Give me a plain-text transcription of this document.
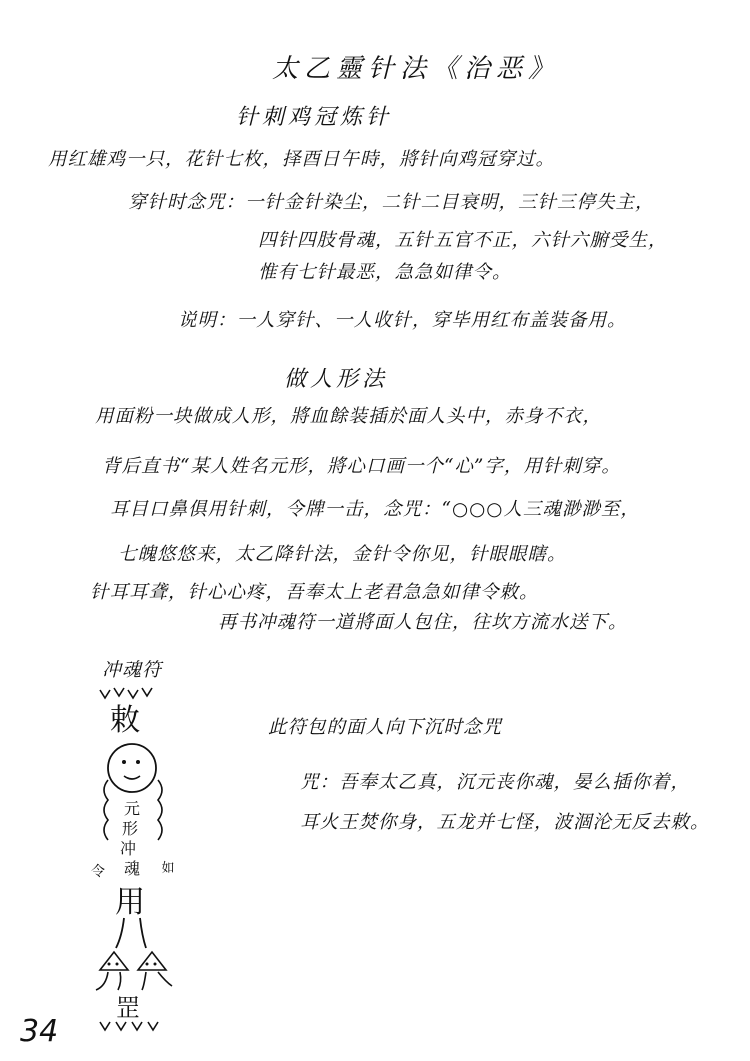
太乙靈针法《治恶》
针刺鸡冠炼针
用红雄鸡一只，花针七枚，择酉日午時，將针向鸡冠穿过。
穿针时念咒：一针金针染尘，二针二目衰明，三针三停失主，
四针四肢骨魂，五针五官不正，六针六腑受生，
惟有七针最恶，急急如律令。
说明：一人穿针、一人收针，穿毕用红布盖装备用。
做人形法
用面粉一块做成人形，將血餘装插於面人头中，赤身不衣，
背后直书“某人姓名元形，將心口画一个“心”字，用针刺穿。
耳目口鼻俱用针刺，令牌一击，念咒：“○○○人三魂渺渺至，
七魄悠悠来，太乙降针法，金针令你见，针眼眼瞎。
针耳耳聋，针心心疼，吾奉太上老君急急如律令敕。
再书冲魂符一道將面人包住，往坎方流水送下。
冲魂符
敕
元
形
冲
魂
令	如
用
罡
此符包的面人向下沉时念咒
咒：吾奉太乙真，沉元丧你魂，晏么插你着，
耳火王焚你身，五龙并七怪，波涸沦无反去敕。
34
